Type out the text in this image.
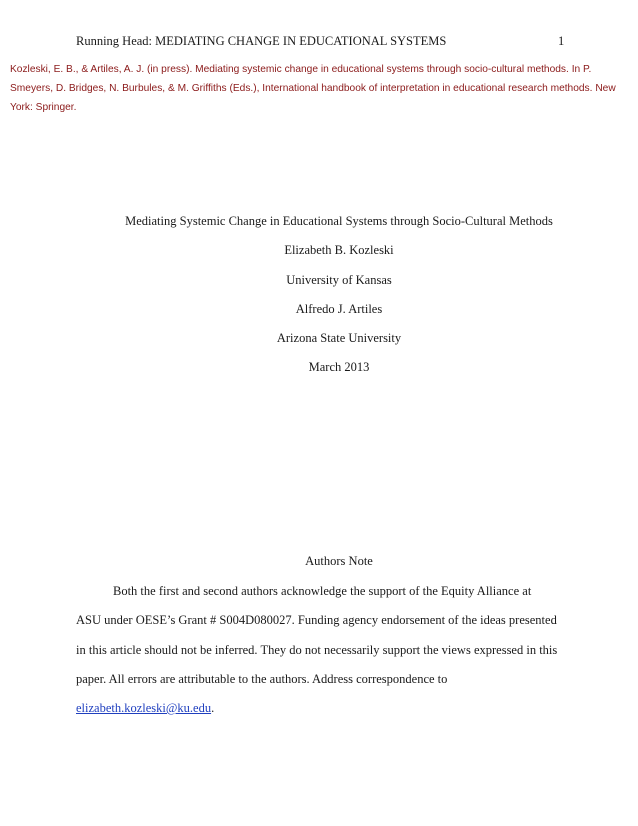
Running Head: MEDIATING CHANGE IN EDUCATIONAL SYSTEMS	1
Kozleski, E. B., & Artiles, A. J. (in press). Mediating systemic change in educational systems through socio-cultural methods. In P. Smeyers, D. Bridges, N. Burbules, & M. Griffiths (Eds.), International handbook of interpretation in educational research methods. New York: Springer.
Mediating Systemic Change in Educational Systems through Socio-Cultural Methods
Elizabeth B. Kozleski
University of Kansas
Alfredo J. Artiles
Arizona State University
March 2013
Authors Note
Both the first and second authors acknowledge the support of the Equity Alliance at
ASU under OESE’s Grant # S004D080027. Funding agency endorsement of the ideas presented
in this article should not be inferred. They do not necessarily support the views expressed in this
paper. All errors are attributable to the authors. Address correspondence to
elizabeth.kozleski@ku.edu.
